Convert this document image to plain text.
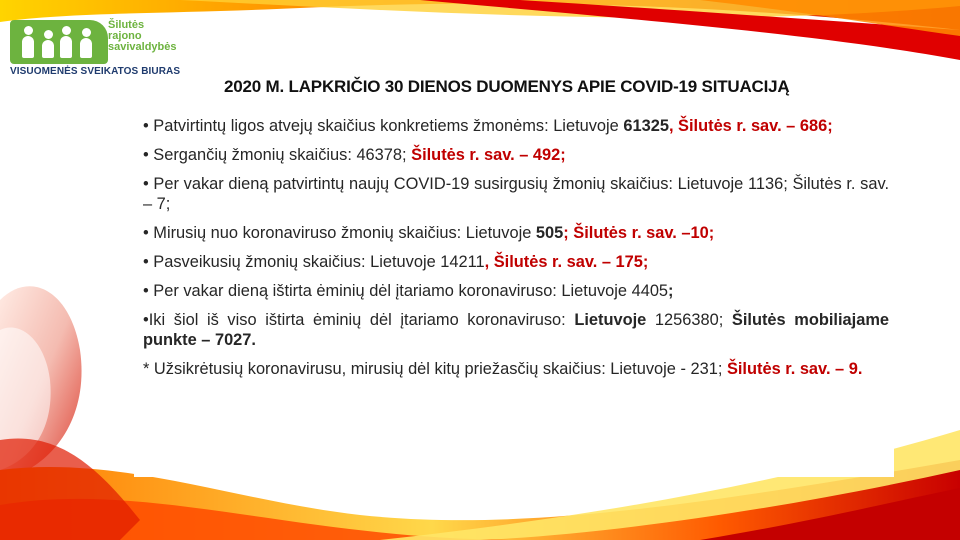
Šilutės
rajono
savivaldybės
VISUOMENĖS SVEIKATOS BIURAS
2020 M. LAPKRIČIO 30 DIENOS DUOMENYS APIE COVID-19 SITUACIJĄ
• Patvirtintų ligos atvejų skaičius konkretiems žmonėms: Lietuvoje 61325, Šilutės r. sav. – 686;
• Sergančių žmonių skaičius: 46378; Šilutės r. sav. – 492;
• Per vakar dieną patvirtintų naujų COVID-19 susirgusių žmonių skaičius: Lietuvoje 1136; Šilutės r. sav. – 7;
• Mirusių nuo koronaviruso žmonių skaičius: Lietuvoje 505; Šilutės r. sav. –10;
• Pasveikusių žmonių skaičius: Lietuvoje 14211, Šilutės r. sav. – 175;
• Per vakar dieną ištirta ėminių dėl įtariamo koronaviruso: Lietuvoje 4405;
•Iki šiol iš viso ištirta ėminių dėl įtariamo koronaviruso: Lietuvoje 1256380; Šilutės mobiliajame punkte – 7027.
* Užsikrėtusių koronavirusu, mirusių dėl kitų priežasčių skaičius: Lietuvoje - 231; Šilutės r. sav. – 9.
